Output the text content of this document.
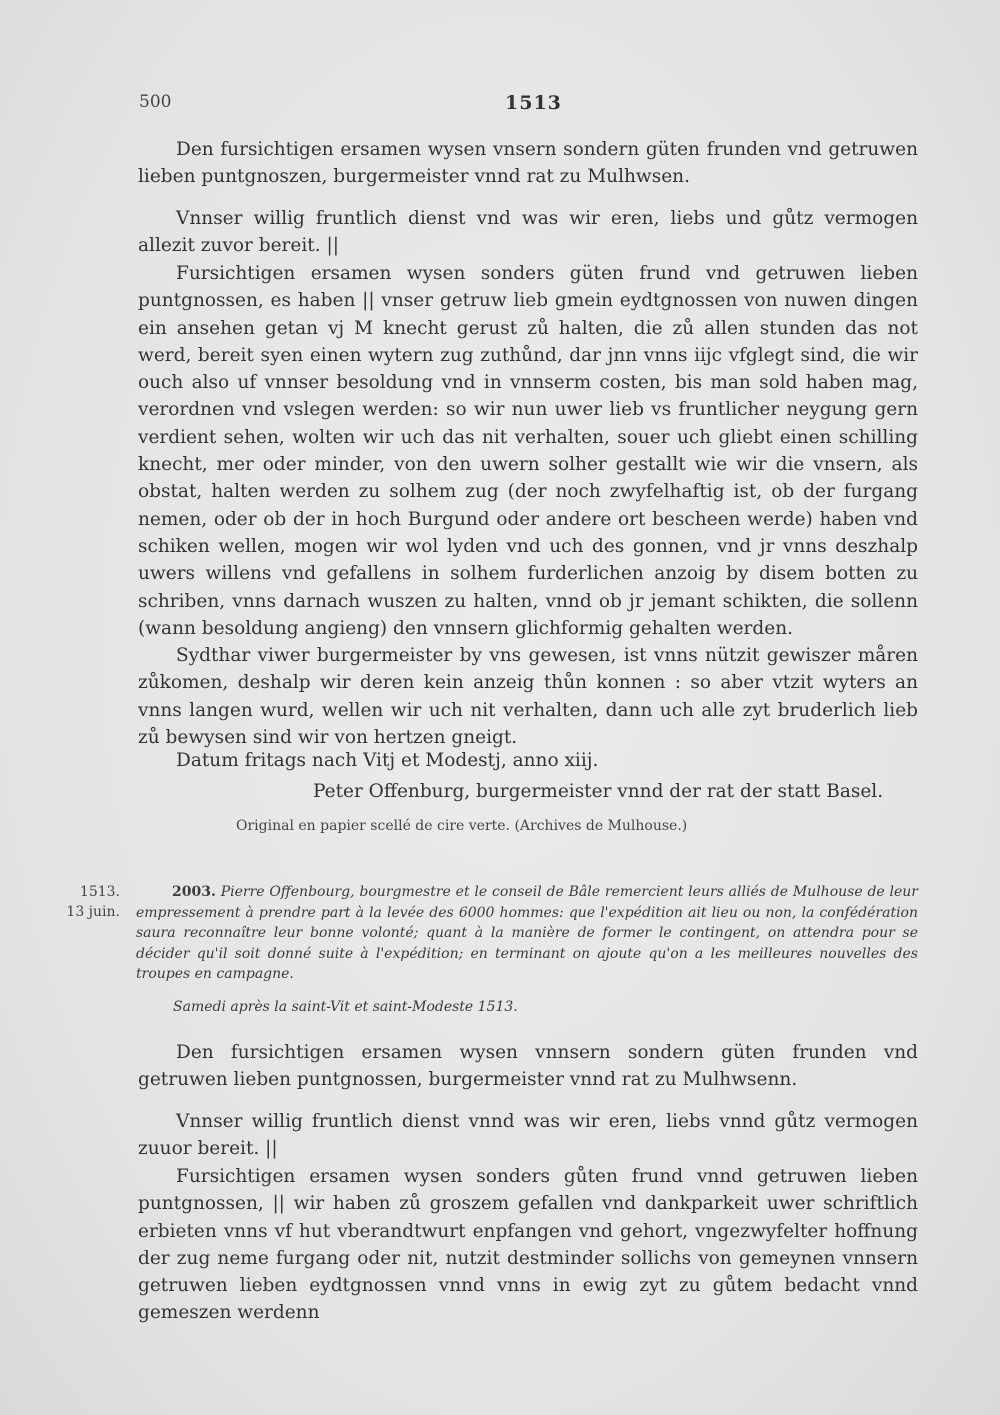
500	1513
Den fursichtigen ersamen wysen vnsern sondern güten frunden vnd getruwen lieben puntgnoszen, burgermeister vnnd rat zu Mulhwsen.
Vnnser willig fruntlich dienst vnd was wir eren, liebs und gůtz vermogen allezit zuvor bereit. ||
Fursichtigen ersamen wysen sonders güten frund vnd getruwen lieben puntgnossen, es haben || vnser getruw lieb gmein eydtgnossen von nuwen dingen ein ansehen getan vj M knecht gerust zů halten, die zů allen stunden das not werd, bereit syen einen wytern zug zuthůnd, dar jnn vnns iijc vfglegt sind, die wir ouch also uf vnnser besoldung vnd in vnnserm costen, bis man sold haben mag, verordnen vnd vslegen werden: so wir nun uwer lieb vs fruntlicher neygung gern verdient sehen, wolten wir uch das nit verhalten, souer uch gliebt einen schilling knecht, mer oder minder, von den uwern solher gestallt wie wir die vnsern, als obstat, halten werden zu solhem zug (der noch zwyfelhaftig ist, ob der furgang nemen, oder ob der in hoch Burgund oder andere ort bescheen werde) haben vnd schiken wellen, mogen wir wol lyden vnd uch des gonnen, vnd jr vnns deszhalp uwers willens vnd gefallens in solhem furderlichen anzoig by disem botten zu schriben, vnns darnach wuszen zu halten, vnnd ob jr jemant schikten, die sollenn (wann besoldung angieng) den vnnsern glichformig gehalten werden.
Sydthar viwer burgermeister by vns gewesen, ist vnns nützit gewiszer måren zůkomen, deshalp wir deren kein anzeig thůn konnen : so aber vtzit wyters an vnns langen wurd, wellen wir uch nit verhalten, dann uch alle zyt bruderlich lieb zů bewysen sind wir von hertzen gneigt.
Datum fritags nach Vitj et Modestj, anno xiij.
Peter Offenburg, burgermeister vnnd der rat der statt Basel.
Original en papier scellé de cire verte. (Archives de Mulhouse.)
1513.
13 juin.
2003. Pierre Offenbourg, bourgmestre et le conseil de Bâle remercient leurs alliés de Mulhouse de leur empressement à prendre part à la levée des 6000 hommes: que l'expédition ait lieu ou non, la confédération saura reconnaître leur bonne volonté; quant à la manière de former le contingent, on attendra pour se décider qu'il soit donné suite à l'expédition; en terminant on ajoute qu'on a les meilleures nouvelles des troupes en campagne.
Samedi après la saint-Vit et saint-Modeste 1513.
Den fursichtigen ersamen wysen vnnsern sondern güten frunden vnd getruwen lieben puntgnossen, burgermeister vnnd rat zu Mulhwsenn.
Vnnser willig fruntlich dienst vnnd was wir eren, liebs vnnd gůtz vermogen zuuor bereit. ||
Fursichtigen ersamen wysen sonders gůten frund vnnd getruwen lieben puntgnossen, || wir haben zů groszem gefallen vnd dankparkeit uwer schriftlich erbieten vnns vf hut vberandtwurt enpfangen vnd gehort, vngezwyfelter hoffnung der zug neme furgang oder nit, nutzit destminder sollichs von gemeynen vnnsern getruwen lieben eydtgnossen vnnd vnns in ewig zyt zu gůtem bedacht vnnd gemeszen werdenn
